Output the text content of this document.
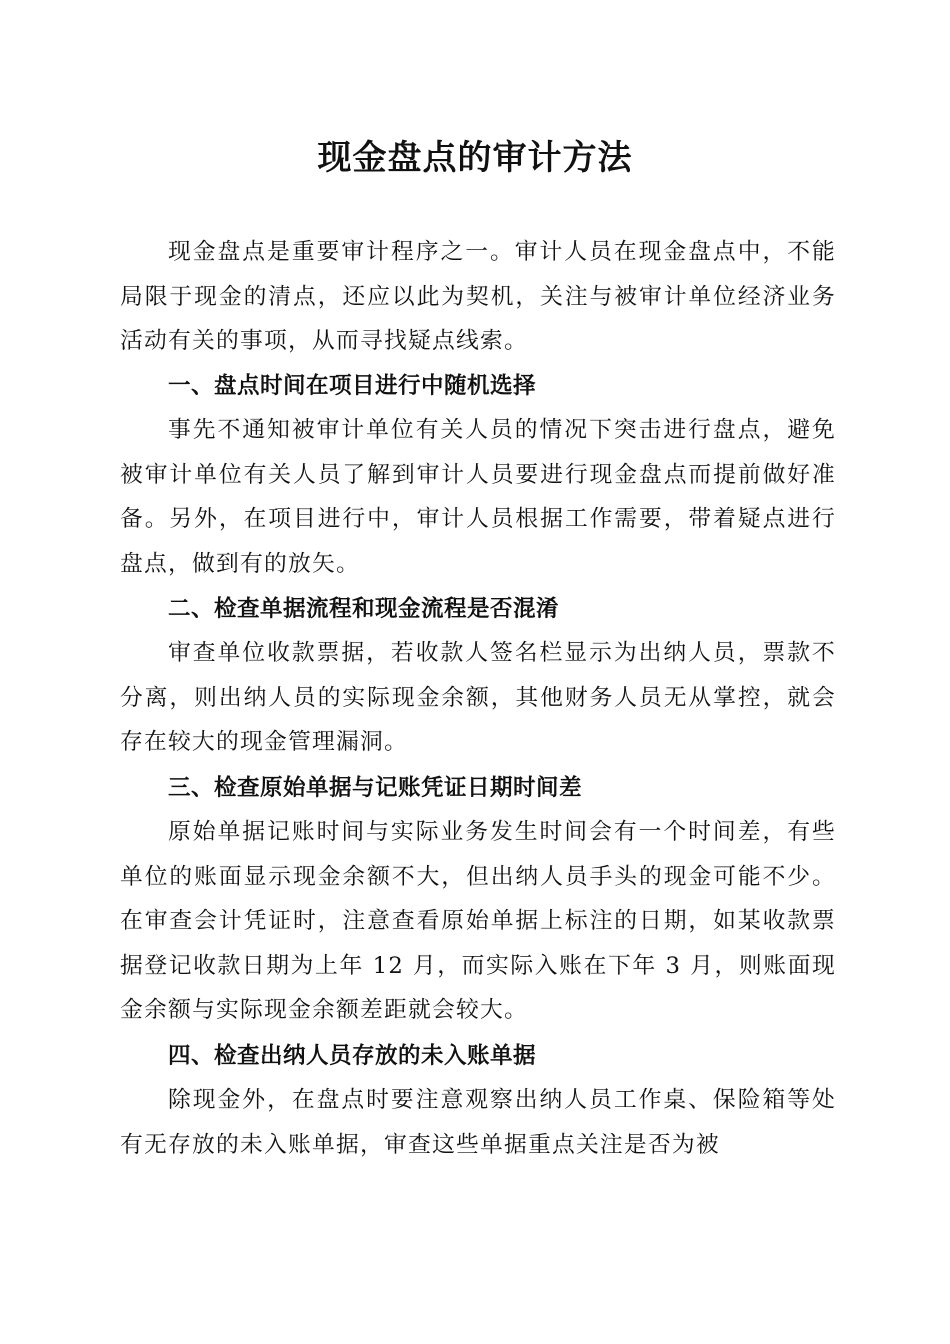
现金盘点的审计方法

现金盘点是重要审计程序之一。审计人员在现金盘点中，不能局限于现金的清点，还应以此为契机，关注与被审计单位经济业务活动有关的事项，从而寻找疑点线索。

一、盘点时间在项目进行中随机选择

事先不通知被审计单位有关人员的情况下突击进行盘点，避免被审计单位有关人员了解到审计人员要进行现金盘点而提前做好准备。另外，在项目进行中，审计人员根据工作需要，带着疑点进行盘点，做到有的放矢。

二、检查单据流程和现金流程是否混淆

审查单位收款票据，若收款人签名栏显示为出纳人员，票款不分离，则出纳人员的实际现金余额，其他财务人员无从掌控，就会存在较大的现金管理漏洞。

三、检查原始单据与记账凭证日期时间差

原始单据记账时间与实际业务发生时间会有一个时间差，有些单位的账面显示现金余额不大，但出纳人员手头的现金可能不少。在审查会计凭证时，注意查看原始单据上标注的日期，如某收款票据登记收款日期为上年 12 月，而实际入账在下年 3 月，则账面现金余额与实际现金余额差距就会较大。

四、检查出纳人员存放的未入账单据

除现金外，在盘点时要注意观察出纳人员工作桌、保险箱等处有无存放的未入账单据，审查这些单据重点关注是否为被
